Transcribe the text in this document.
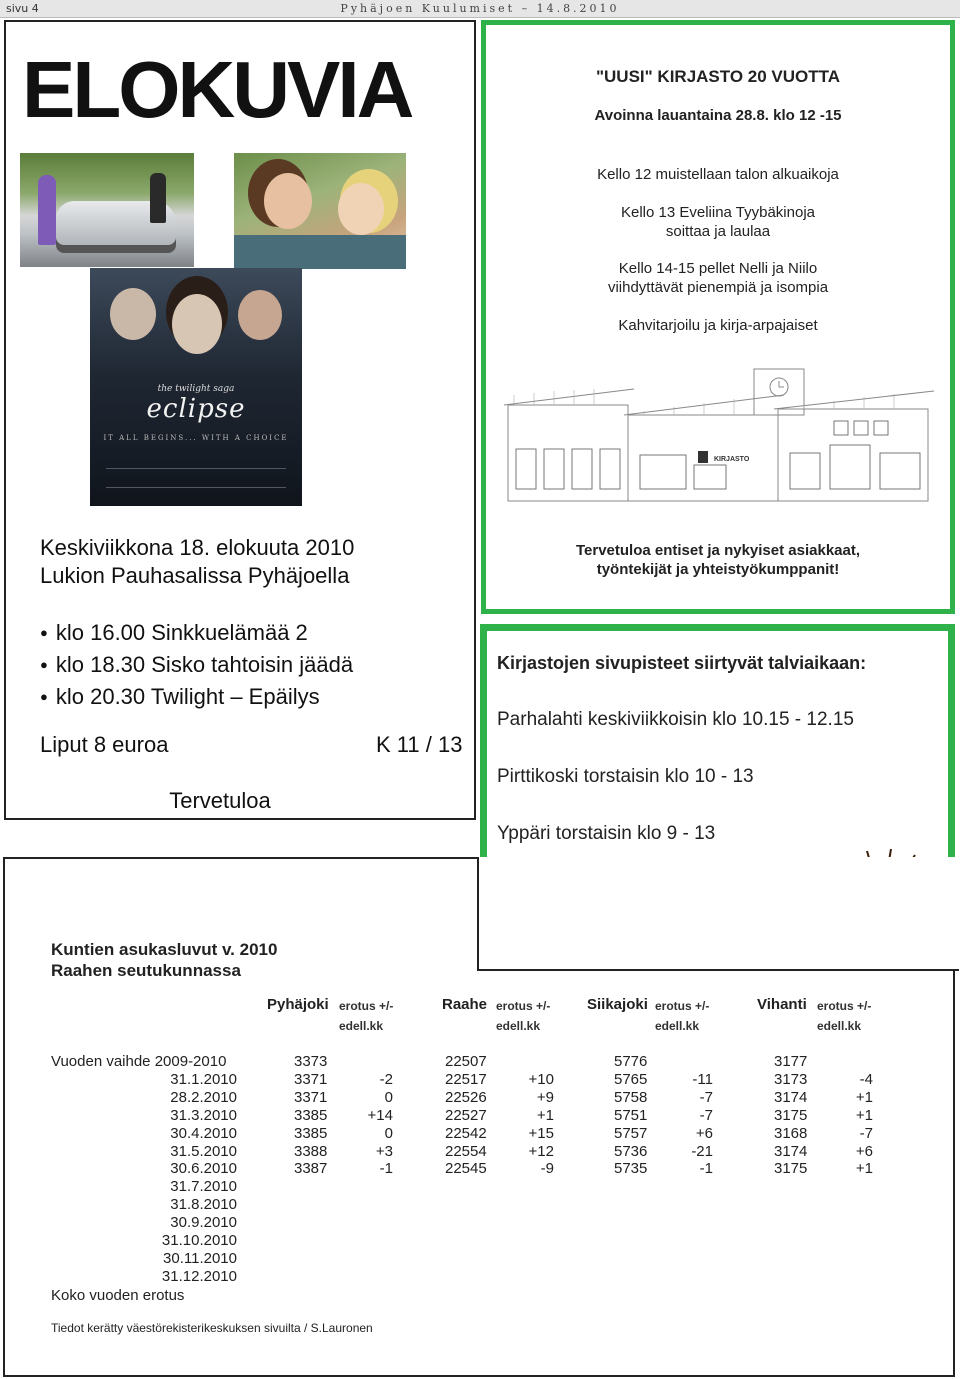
sivu 4	Pyhäjoen Kuulumiset – 14.8.2010
ELOKUVIA
the twilight saga
eclipse
IT ALL BEGINS... WITH A CHOICE
Keskiviikkona 18. elokuuta 2010
Lukion Pauhasalissa Pyhäjoella
● klo 16.00 Sinkkuelämää 2
● klo 18.30 Sisko tahtoisin jäädä
● klo 20.30 Twilight – Epäilys
Liput 8 euroa	K 11 / 13
Tervetuloa
"UUSI" KIRJASTO 20 VUOTTA
Avoinna lauantaina 28.8. klo 12 -15
Kello 12 muistellaan talon alkuaikoja
Kello 13 Eveliina Tyybäkinoja
soittaa ja laulaa
Kello 14-15 pellet Nelli ja Niilo
viihdyttävät pienempiä ja isompia
Kahvitarjoilu ja kirja-arpajaiset
KIRJASTO
Tervetuloa entiset ja nykyiset asiakkaat,
työntekijät ja yhteistyökumppanit!
Kirjastojen sivupisteet siirtyvät talviaikaan:
Parhalahti keskiviikkoisin klo 10.15 - 12.15
Pirttikoski torstaisin klo 10 - 13
Yppäri torstaisin klo 9 - 13
Kuntien asukasluvut v. 2010
Raahen seutukunnassa
Pyhäjoki erotus +/-
edell.kk
Raahe erotus +/-
edell.kk
Siikajoki erotus +/-
edell.kk
Vihanti erotus +/-
edell.kk
Vuoden vaihde 2009-2010
31.1.2010
28.2.2010
31.3.2010
30.4.2010
31.5.2010
30.6.2010
31.7.2010
31.8.2010
30.9.2010
31.10.2010
30.11.2010
31.12.2010
3373
3371
3371
3385
3385
3388
3387

-2
0
+14
0
+3
-1

22507
22517
22526
22527
22542
22554
22545

+10
+9
+1
+15
+12
-9

5776
5765
5758
5751
5757
5736
5735

-11
-7
-7
+6
-21
-1

3177
3173
3174
3175
3168
3174
3175

-4
+1
+1
-7
+6
+1

Koko vuoden erotus
Tiedot kerätty väestörekisterikeskuksen sivuilta / S.Lauronen
